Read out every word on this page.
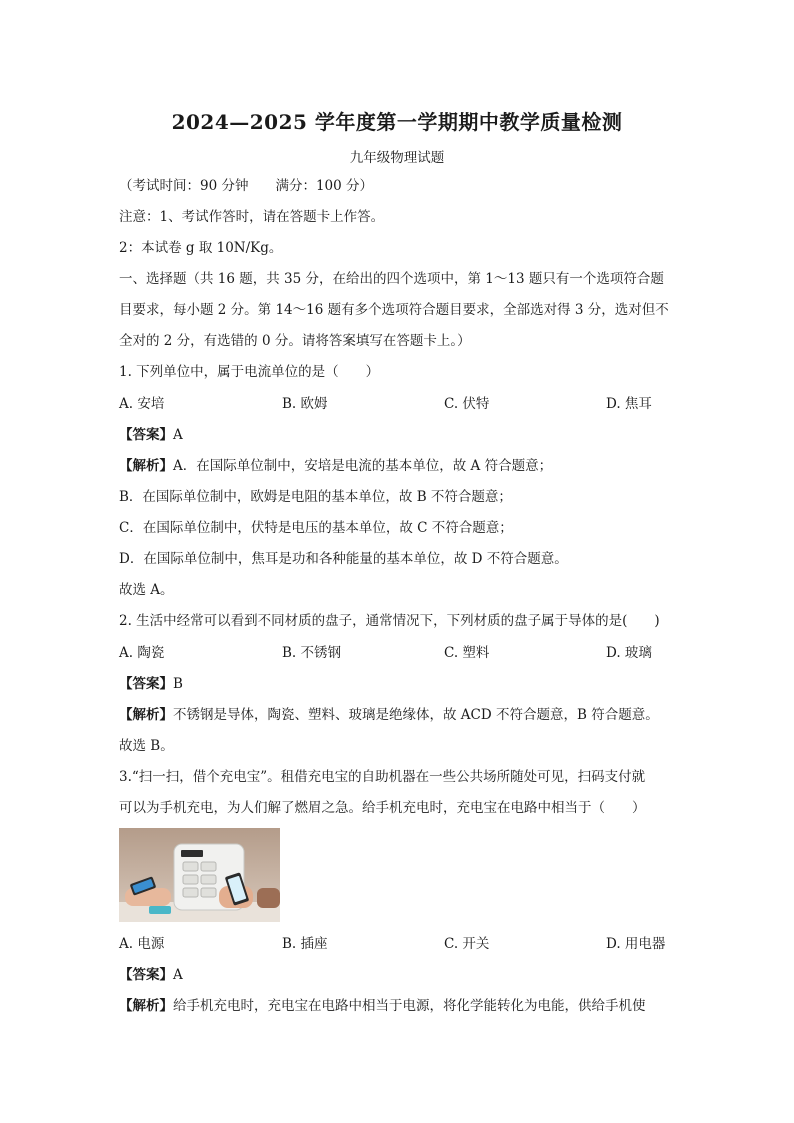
2024—2025 学年度第一学期期中教学质量检测
九年级物理试题
（考试时间：90 分钟　　满分：100 分）
注意：1、考试作答时，请在答题卡上作答。
2：本试卷 g 取 10N/Kg。
一、选择题（共 16 题，共 35 分，在给出的四个选项中，第 1～13 题只有一个选项符合题
目要求，每小题 2 分。第 14～16 题有多个选项符合题目要求，全部选对得 3 分，选对但不
全对的 2 分，有选错的 0 分。请将答案填写在答题卡上。）
1. 下列单位中，属于电流单位的是（　　）
A. 安培	B. 欧姆	C. 伏特	D. 焦耳
【答案】A
【解析】A．在国际单位制中，安培是电流的基本单位，故 A 符合题意；
B．在国际单位制中，欧姆是电阻的基本单位，故 B 不符合题意；
C．在国际单位制中，伏特是电压的基本单位，故 C 不符合题意；
D．在国际单位制中，焦耳是功和各种能量的基本单位，故 D 不符合题意。
故选 A。
2. 生活中经常可以看到不同材质的盘子，通常情况下，下列材质的盘子属于导体的是(　　)
A. 陶瓷	B. 不锈钢	C. 塑料	D. 玻璃
【答案】B
【解析】不锈钢是导体，陶瓷、塑料、玻璃是绝缘体，故 ACD 不符合题意，B 符合题意。
故选 B。
3.“扫一扫，借个充电宝”。租借充电宝的自助机器在一些公共场所随处可见，扫码支付就
可以为手机充电，为人们解了燃眉之急。给手机充电时，充电宝在电路中相当于（　　）
A. 电源	B. 插座	C. 开关	D. 用电器
【答案】A
【解析】给手机充电时，充电宝在电路中相当于电源，将化学能转化为电能，供给手机使
